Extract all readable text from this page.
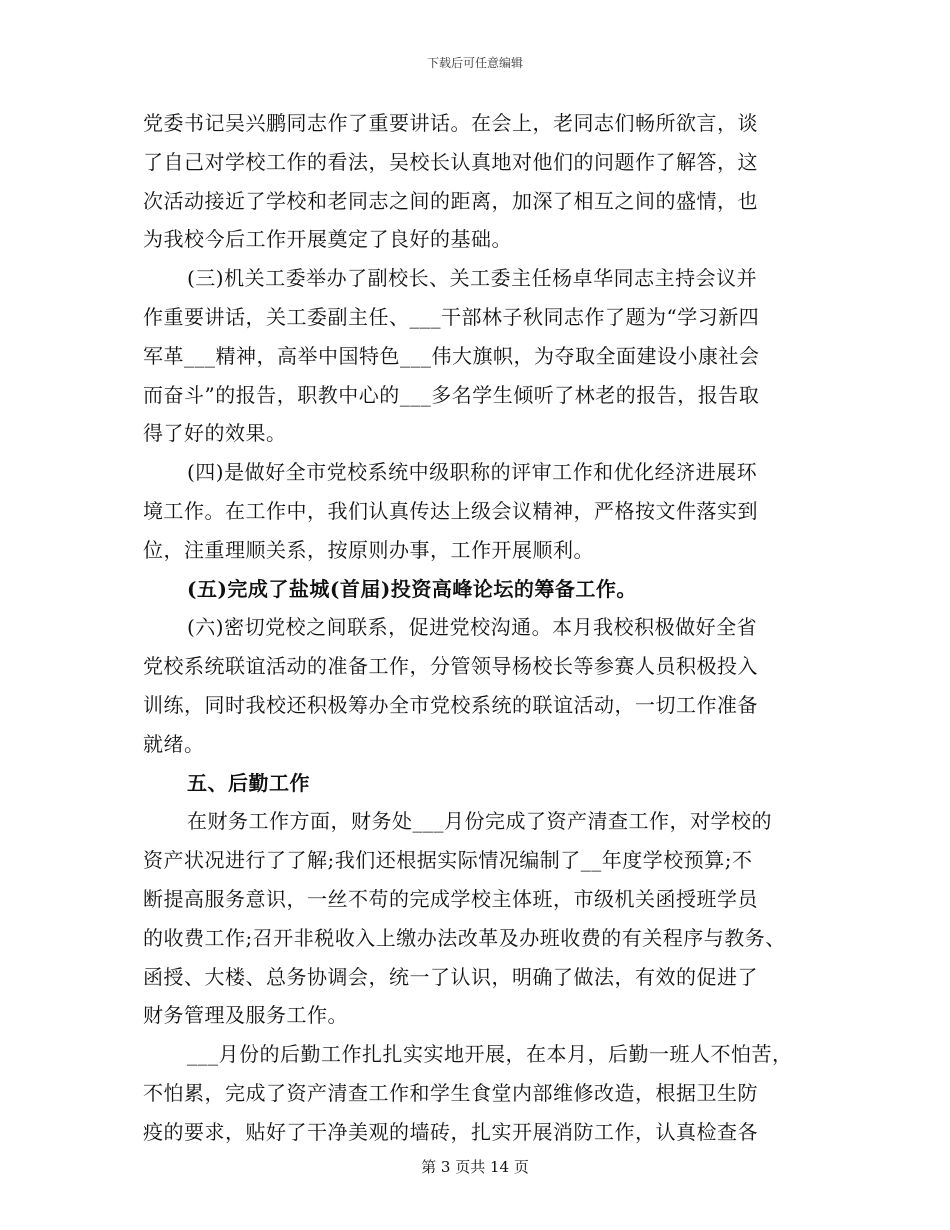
下载后可任意编辑
党委书记吴兴鹏同志作了重要讲话。在会上，老同志们畅所欲言，谈
了自己对学校工作的看法，吴校长认真地对他们的问题作了解答，这
次活动接近了学校和老同志之间的距离，加深了相互之间的盛情，也
为我校今后工作开展奠定了良好的基础。
(三)机关工委举办了副校长、关工委主任杨卓华同志主持会议并
作重要讲话，关工委副主任、___干部林子秋同志作了题为“学习新四
军革___精神，高举中国特色___伟大旗帜，为夺取全面建设小康社会
而奋斗”的报告，职教中心的___多名学生倾听了林老的报告，报告取
得了好的效果。
(四)是做好全市党校系统中级职称的评审工作和优化经济进展环
境工作。在工作中，我们认真传达上级会议精神，严格按文件落实到
位，注重理顺关系，按原则办事，工作开展顺利。
(五)完成了盐城(首届)投资高峰论坛的筹备工作。
(六)密切党校之间联系，促进党校沟通。本月我校积极做好全省
党校系统联谊活动的准备工作，分管领导杨校长等参赛人员积极投入
训练，同时我校还积极筹办全市党校系统的联谊活动，一切工作准备
就绪。
五、后勤工作
在财务工作方面，财务处___月份完成了资产清查工作，对学校的
资产状况进行了了解;我们还根据实际情况编制了__年度学校预算;不
断提高服务意识，一丝不苟的完成学校主体班，市级机关函授班学员
的收费工作;召开非税收入上缴办法改革及办班收费的有关程序与教务、
函授、大楼、总务协调会，统一了认识，明确了做法，有效的促进了
财务管理及服务工作。
___月份的后勤工作扎扎实实地开展，在本月，后勤一班人不怕苦，
不怕累，完成了资产清查工作和学生食堂内部维修改造，根据卫生防
疫的要求，贴好了干净美观的墙砖，扎实开展消防工作，认真检查各
第 3 页共 14 页
